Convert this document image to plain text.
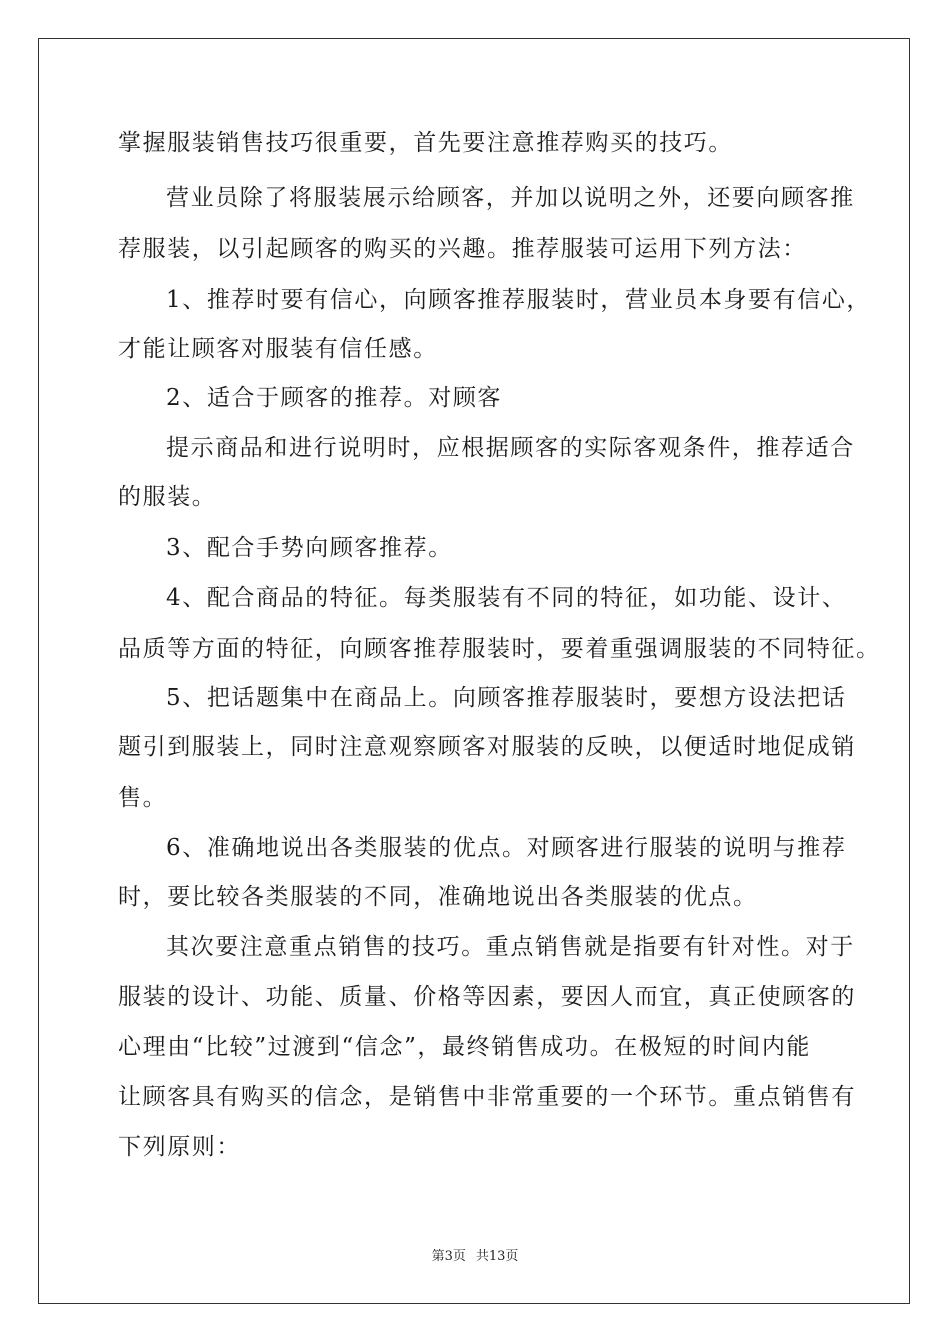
掌握服装销售技巧很重要，首先要注意推荐购买的技巧。
营业员除了将服装展示给顾客，并加以说明之外，还要向顾客推
荐服装，以引起顾客的购买的兴趣。推荐服装可运用下列方法：
1、推荐时要有信心，向顾客推荐服装时，营业员本身要有信心，
才能让顾客对服装有信任感。
2、适合于顾客的推荐。对顾客
提示商品和进行说明时，应根据顾客的实际客观条件，推荐适合
的服装。
3、配合手势向顾客推荐。
4、配合商品的特征。每类服装有不同的特征，如功能、设计、
品质等方面的特征，向顾客推荐服装时，要着重强调服装的不同特征。
5、把话题集中在商品上。向顾客推荐服装时，要想方设法把话
题引到服装上，同时注意观察顾客对服装的反映，以便适时地促成销
售。
6、准确地说出各类服装的优点。对顾客进行服装的说明与推荐
时，要比较各类服装的不同，准确地说出各类服装的优点。
其次要注意重点销售的技巧。重点销售就是指要有针对性。对于
服装的设计、功能、质量、价格等因素，要因人而宜，真正使顾客的
心理由“比较”过渡到“信念”，最终销售成功。在极短的时间内能
让顾客具有购买的信念，是销售中非常重要的一个环节。重点销售有
下列原则：
第3页 共13页
